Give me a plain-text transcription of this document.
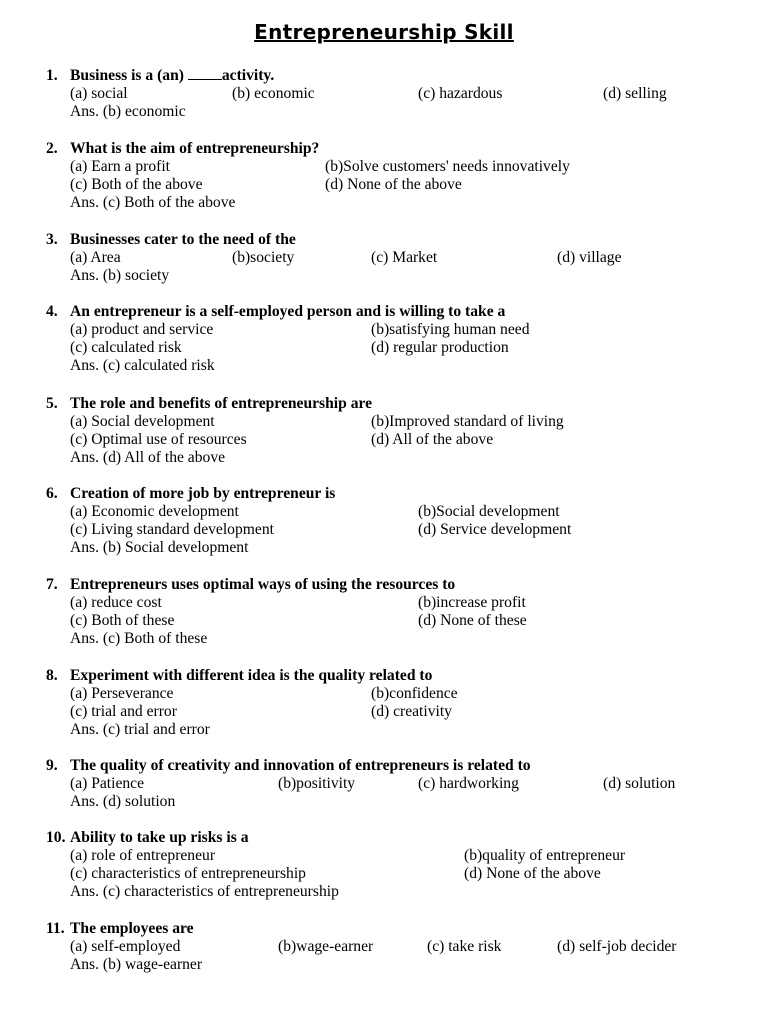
Entrepreneurship Skill
1. Business is a (an) activity.
(a) social	(b) economic	(c) hazardous	(d) selling
Ans. (b) economic
2. What is the aim of entrepreneurship?
(a) Earn a profit	(b)Solve customers' needs innovatively
(c) Both of the above	(d) None of the above
Ans. (c) Both of the above
3. Businesses cater to the need of the
(a) Area	(b)society	(c) Market	(d) village
Ans. (b) society
4. An entrepreneur is a self-employed person and is willing to take a
(a) product and service	(b)satisfying human need
(c) calculated risk	(d) regular production
Ans. (c) calculated risk
5. The role and benefits of entrepreneurship are
(a) Social development	(b)Improved standard of living
(c) Optimal use of resources	(d) All of the above
Ans. (d) All of the above
6. Creation of more job by entrepreneur is
(a) Economic development	(b)Social development
(c) Living standard development	(d) Service development
Ans. (b) Social development
7. Entrepreneurs uses optimal ways of using the resources to
(a) reduce cost	(b)increase profit
(c) Both of these	(d) None of these
Ans. (c) Both of these
8. Experiment with different idea is the quality related to
(a) Perseverance	(b)confidence
(c) trial and error	(d) creativity
Ans. (c) trial and error
9. The quality of creativity and innovation of entrepreneurs is related to
(a) Patience	(b)positivity	(c) hardworking	(d) solution
Ans. (d) solution
10. Ability to take up risks is a
(a) role of entrepreneur	(b)quality of entrepreneur
(c) characteristics of entrepreneurship	(d) None of the above
Ans. (c) characteristics of entrepreneurship
11. The employees are
(a) self-employed	(b)wage-earner	(c) take risk	(d) self-job decider
Ans. (b) wage-earner
